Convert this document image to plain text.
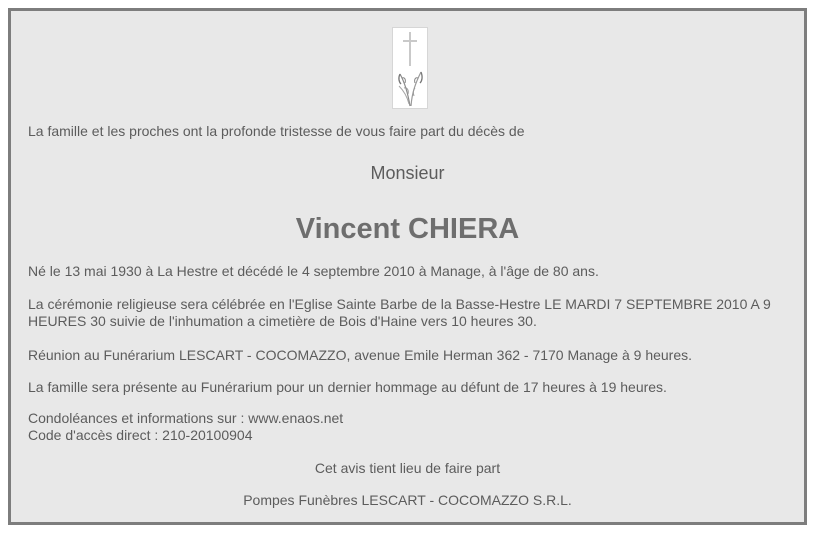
La famille et les proches ont la profonde tristesse de vous faire part du décès de

Monsieur

Vincent CHIERA

Né le 13 mai 1930 à La Hestre et décédé le 4 septembre 2010 à Manage, à l'âge de 80 ans.

La cérémonie religieuse sera célébrée en l'Eglise Sainte Barbe de la Basse-Hestre LE MARDI 7 SEPTEMBRE 2010 A 9 HEURES 30 suivie de l'inhumation a cimetière de Bois d'Haine vers 10 heures 30.

Réunion au Funérarium LESCART - COCOMAZZO, avenue Emile Herman 362 - 7170 Manage à 9 heures.

La famille sera présente au Funérarium pour un dernier hommage au défunt de 17 heures à 19 heures.

Condoléances et informations sur : www.enaos.net

Code d'accès direct : 210-20100904

Cet avis tient lieu de faire part

Pompes Funèbres LESCART - COCOMAZZO S.R.L.
